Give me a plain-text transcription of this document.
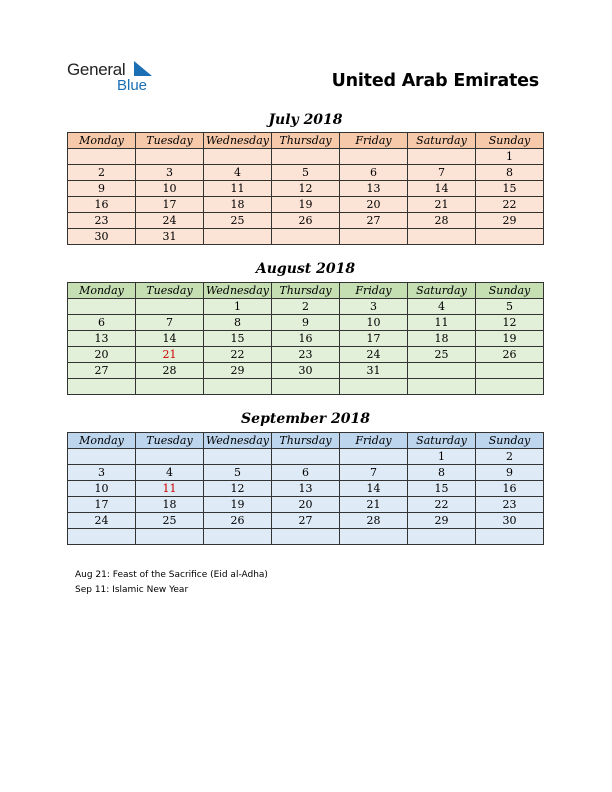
General
Blue	United Arab Emirates
July 2018
Monday	Tuesday	Wednesday	Thursday	Friday	Saturday	Sunday
						1
2	3	4	5	6	7	8
9	10	11	12	13	14	15
16	17	18	19	20	21	22
23	24	25	26	27	28	29
30	31					
August 2018
Monday	Tuesday	Wednesday	Thursday	Friday	Saturday	Sunday
		1	2	3	4	5
6	7	8	9	10	11	12
13	14	15	16	17	18	19
20	21	22	23	24	25	26
27	28	29	30	31		

September 2018
Monday	Tuesday	Wednesday	Thursday	Friday	Saturday	Sunday
					1	2
3	4	5	6	7	8	9
10	11	12	13	14	15	16
17	18	19	20	21	22	23
24	25	26	27	28	29	30

Aug 21: Feast of the Sacrifice (Eid al-Adha)
Sep 11: Islamic New Year
